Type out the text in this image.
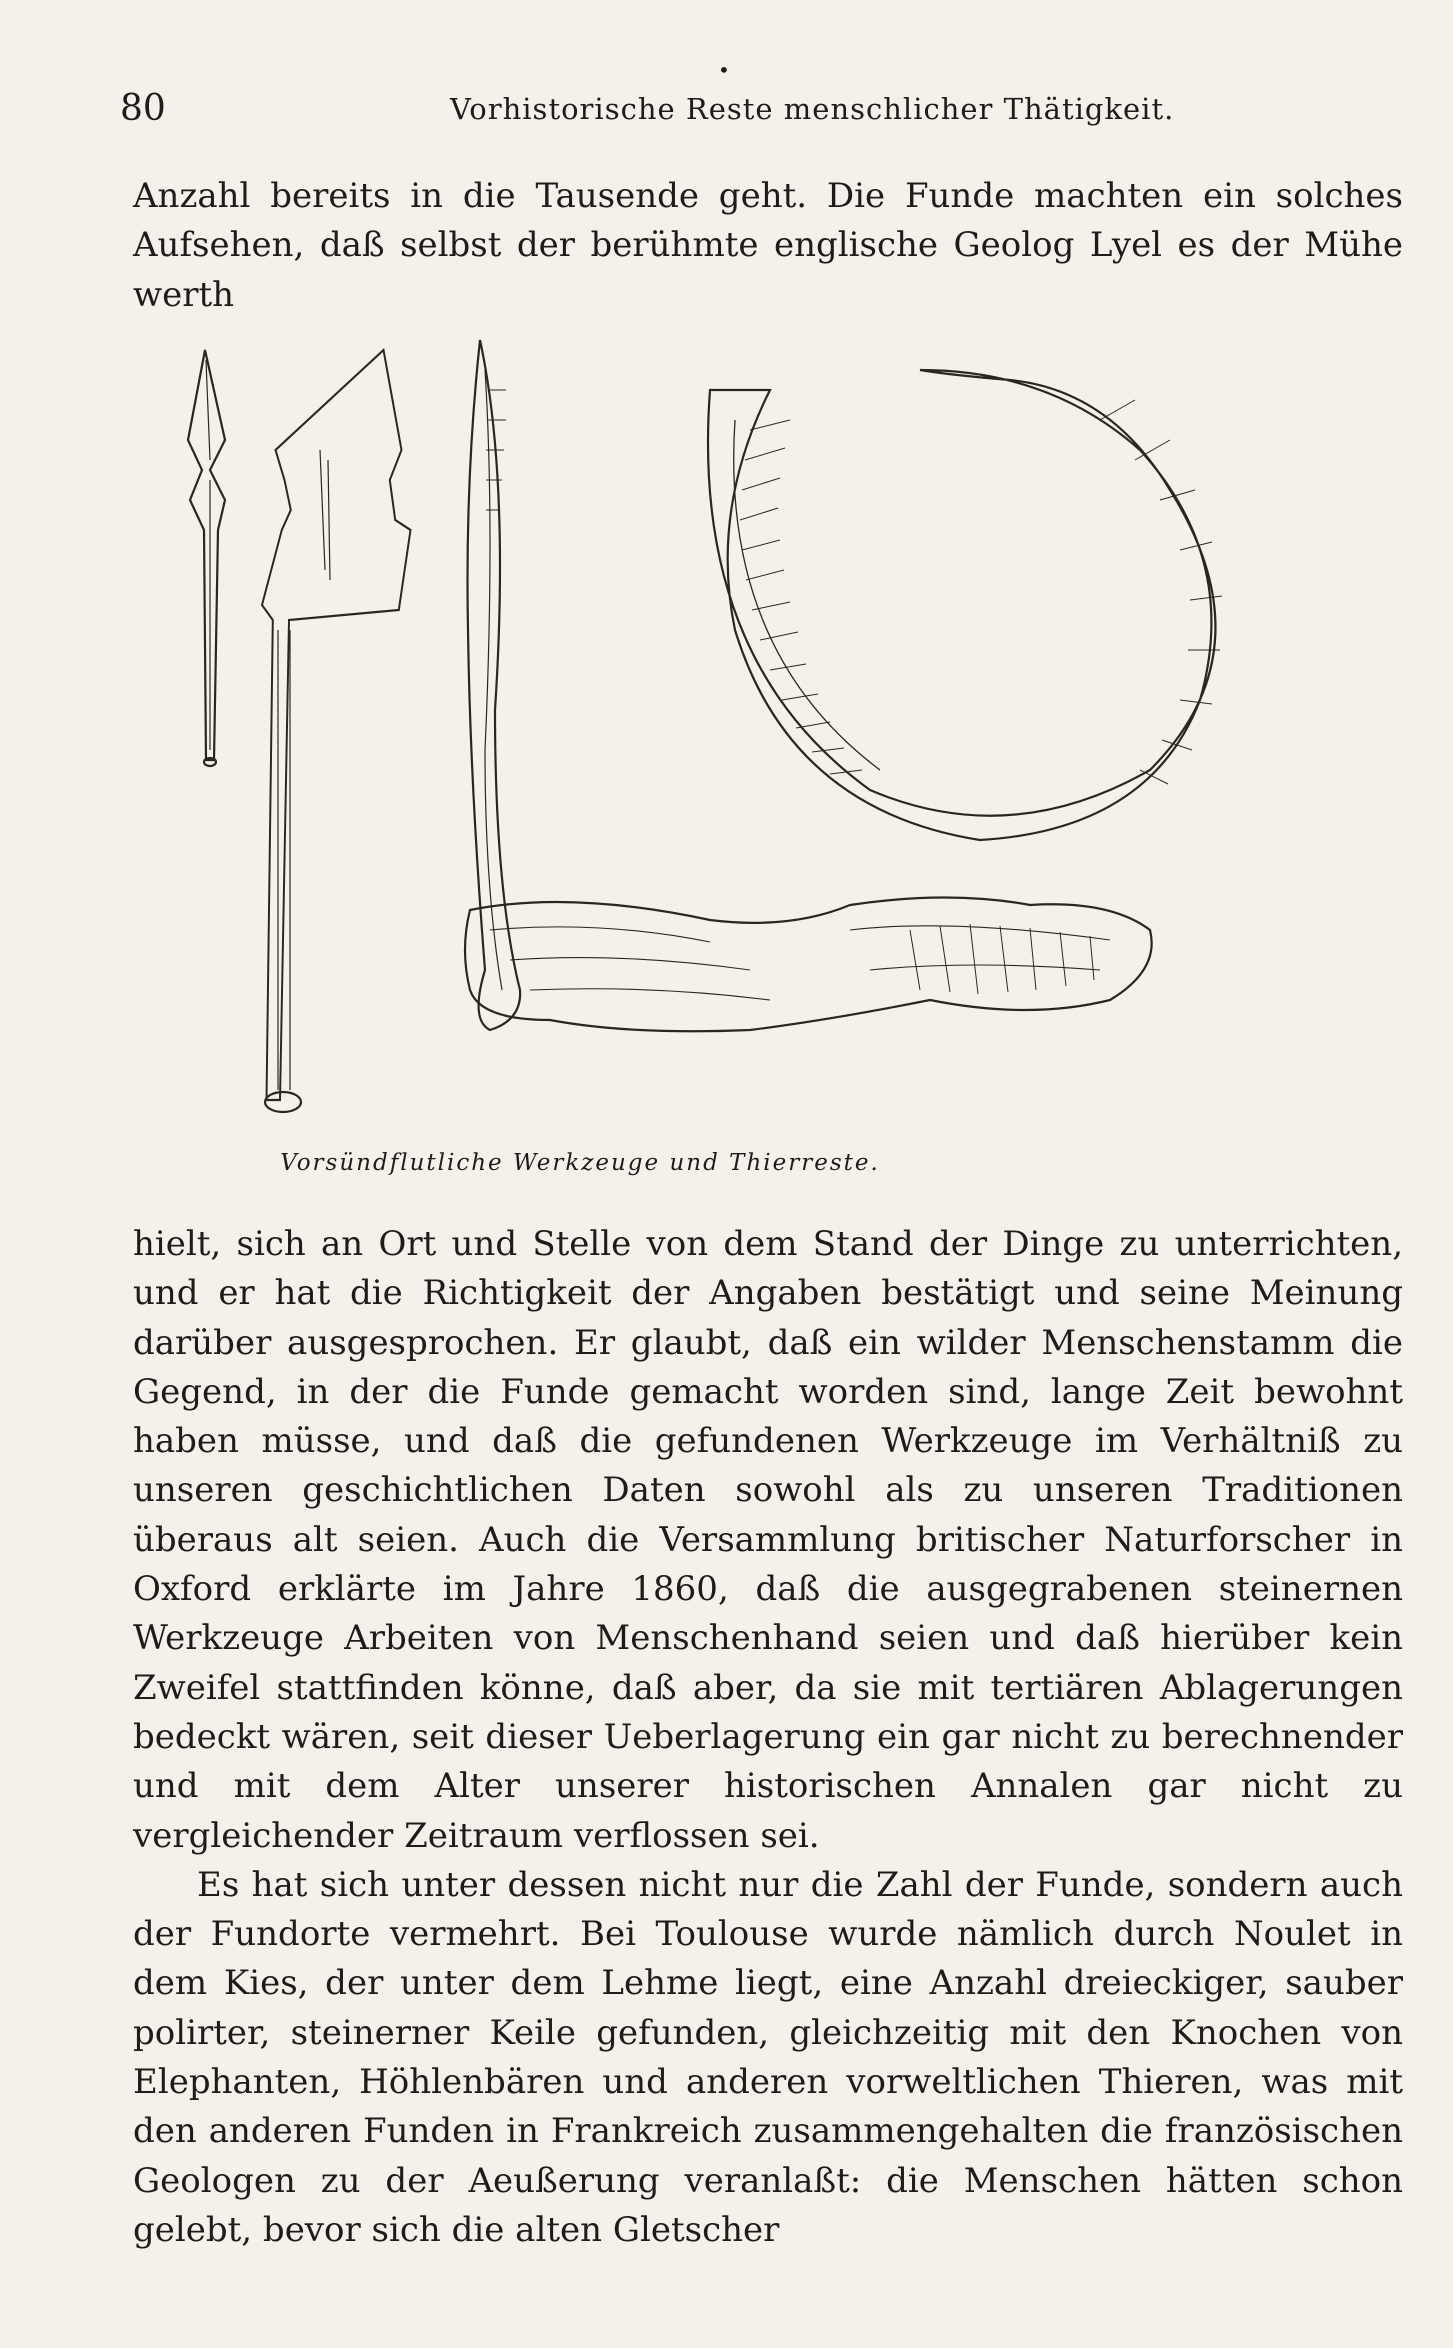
•
80	Vorhistorische Reste menschlicher Thätigkeit.

Anzahl bereits in die Tausende geht. Die Funde machten ein solches Aufsehen, daß selbst der berühmte englische Geolog Lyel es der Mühe werth

Vorsündflutliche Werkzeuge und Thierreste.

hielt, sich an Ort und Stelle von dem Stand der Dinge zu unterrichten, und er hat die Richtigkeit der Angaben bestätigt und seine Meinung darüber ausgesprochen. Er glaubt, daß ein wilder Menschenstamm die Gegend, in der die Funde gemacht worden sind, lange Zeit bewohnt haben müsse, und daß die gefundenen Werkzeuge im Verhältniß zu unseren geschichtlichen Daten sowohl als zu unseren Traditionen überaus alt seien. Auch die Versammlung britischer Naturforscher in Oxford erklärte im Jahre 1860, daß die ausgegrabenen steinernen Werkzeuge Arbeiten von Menschenhand seien und daß hierüber kein Zweifel stattfinden könne, daß aber, da sie mit tertiären Ablagerungen bedeckt wären, seit dieser Ueberlagerung ein gar nicht zu berechnender und mit dem Alter unserer historischen Annalen gar nicht zu vergleichender Zeitraum verflossen sei.

Es hat sich unter dessen nicht nur die Zahl der Funde, sondern auch der Fundorte vermehrt. Bei Toulouse wurde nämlich durch Noulet in dem Kies, der unter dem Lehme liegt, eine Anzahl dreieckiger, sauber polirter, steinerner Keile gefunden, gleichzeitig mit den Knochen von Elephanten, Höhlenbären und anderen vorweltlichen Thieren, was mit den anderen Funden in Frankreich zusammengehalten die französischen Geologen zu der Aeußerung veranlaßt: die Menschen hätten schon gelebt, bevor sich die alten Gletscher
